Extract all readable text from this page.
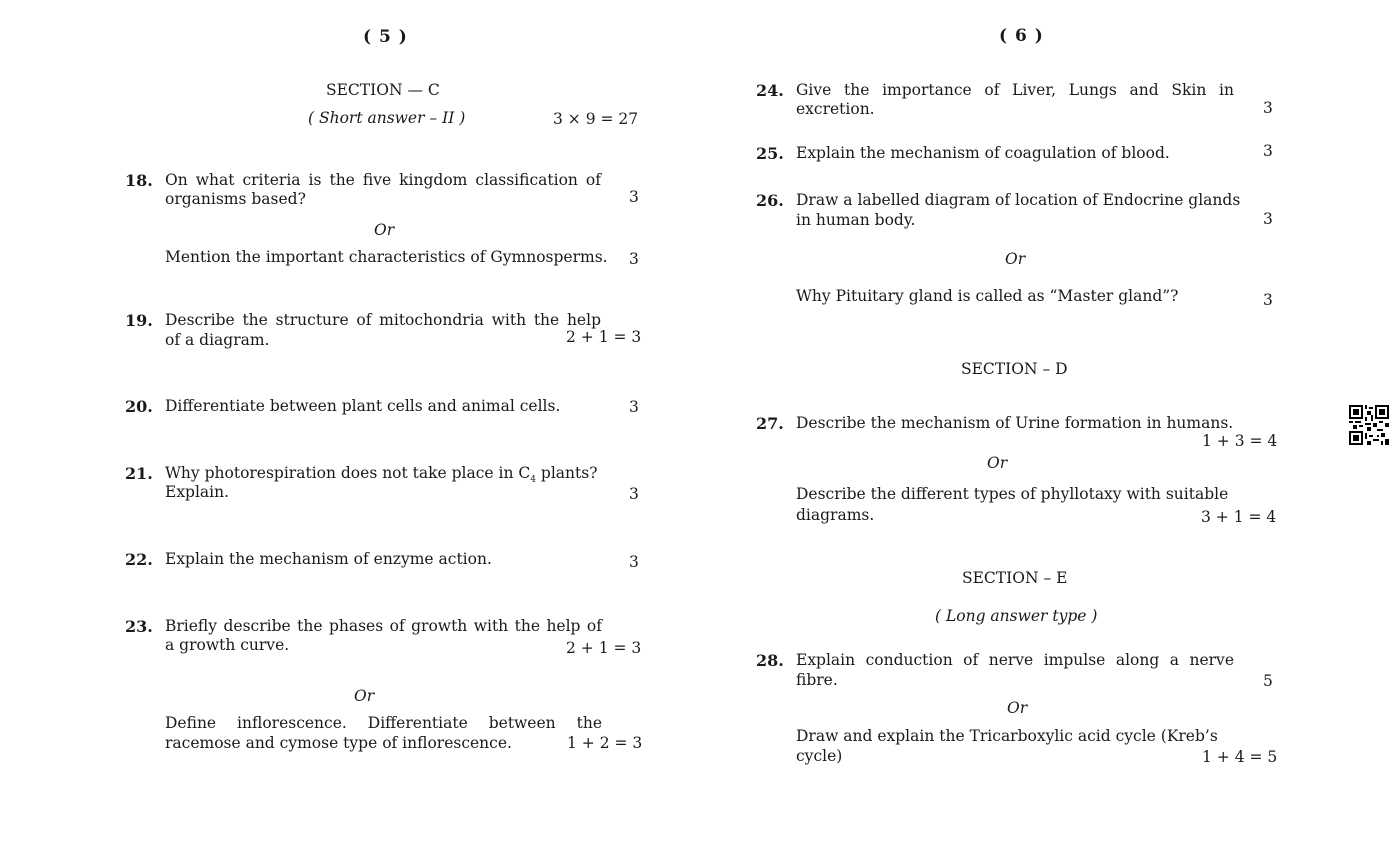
( 5 )
SECTION — C
( Short answer – II )	3 × 9 = 27
18. On what criteria is the five kingdom classification of
organisms based?	3
Or
Mention the important characteristics of Gymnosperms. 3
19. Describe the structure of mitochondria with the help
of a diagram.	2 + 1 = 3
20. Differentiate between plant cells and animal cells.	3
21. Why photorespiration does not take place in $C_4$ plants?
Explain.	3
22. Explain the mechanism of enzyme action.	3
23. Briefly describe the phases of growth with the help of
a growth curve.	2 + 1 = 3
Or
Define inflorescence. Differentiate between the
racemose and cymose type of inflorescence.	1 + 2 = 3
( 6 )
24. Give the importance of Liver, Lungs and Skin in
excretion.	3
25. Explain the mechanism of coagulation of blood.	3
26. Draw a labelled diagram of location of Endocrine glands
in human body.	3
Or
Why Pituitary gland is called as “Master gland”?	3
SECTION – D
27. Describe the mechanism of Urine formation in humans.
1 + 3 = 4
Or
Describe the different types of phyllotaxy with suitable
diagrams.	3 + 1 = 4
SECTION – E
( Long answer type )
28. Explain conduction of nerve impulse along a nerve
fibre.	5
Or
Draw and explain the Tricarboxylic acid cycle (Kreb’s
cycle)	1 + 4 = 5
